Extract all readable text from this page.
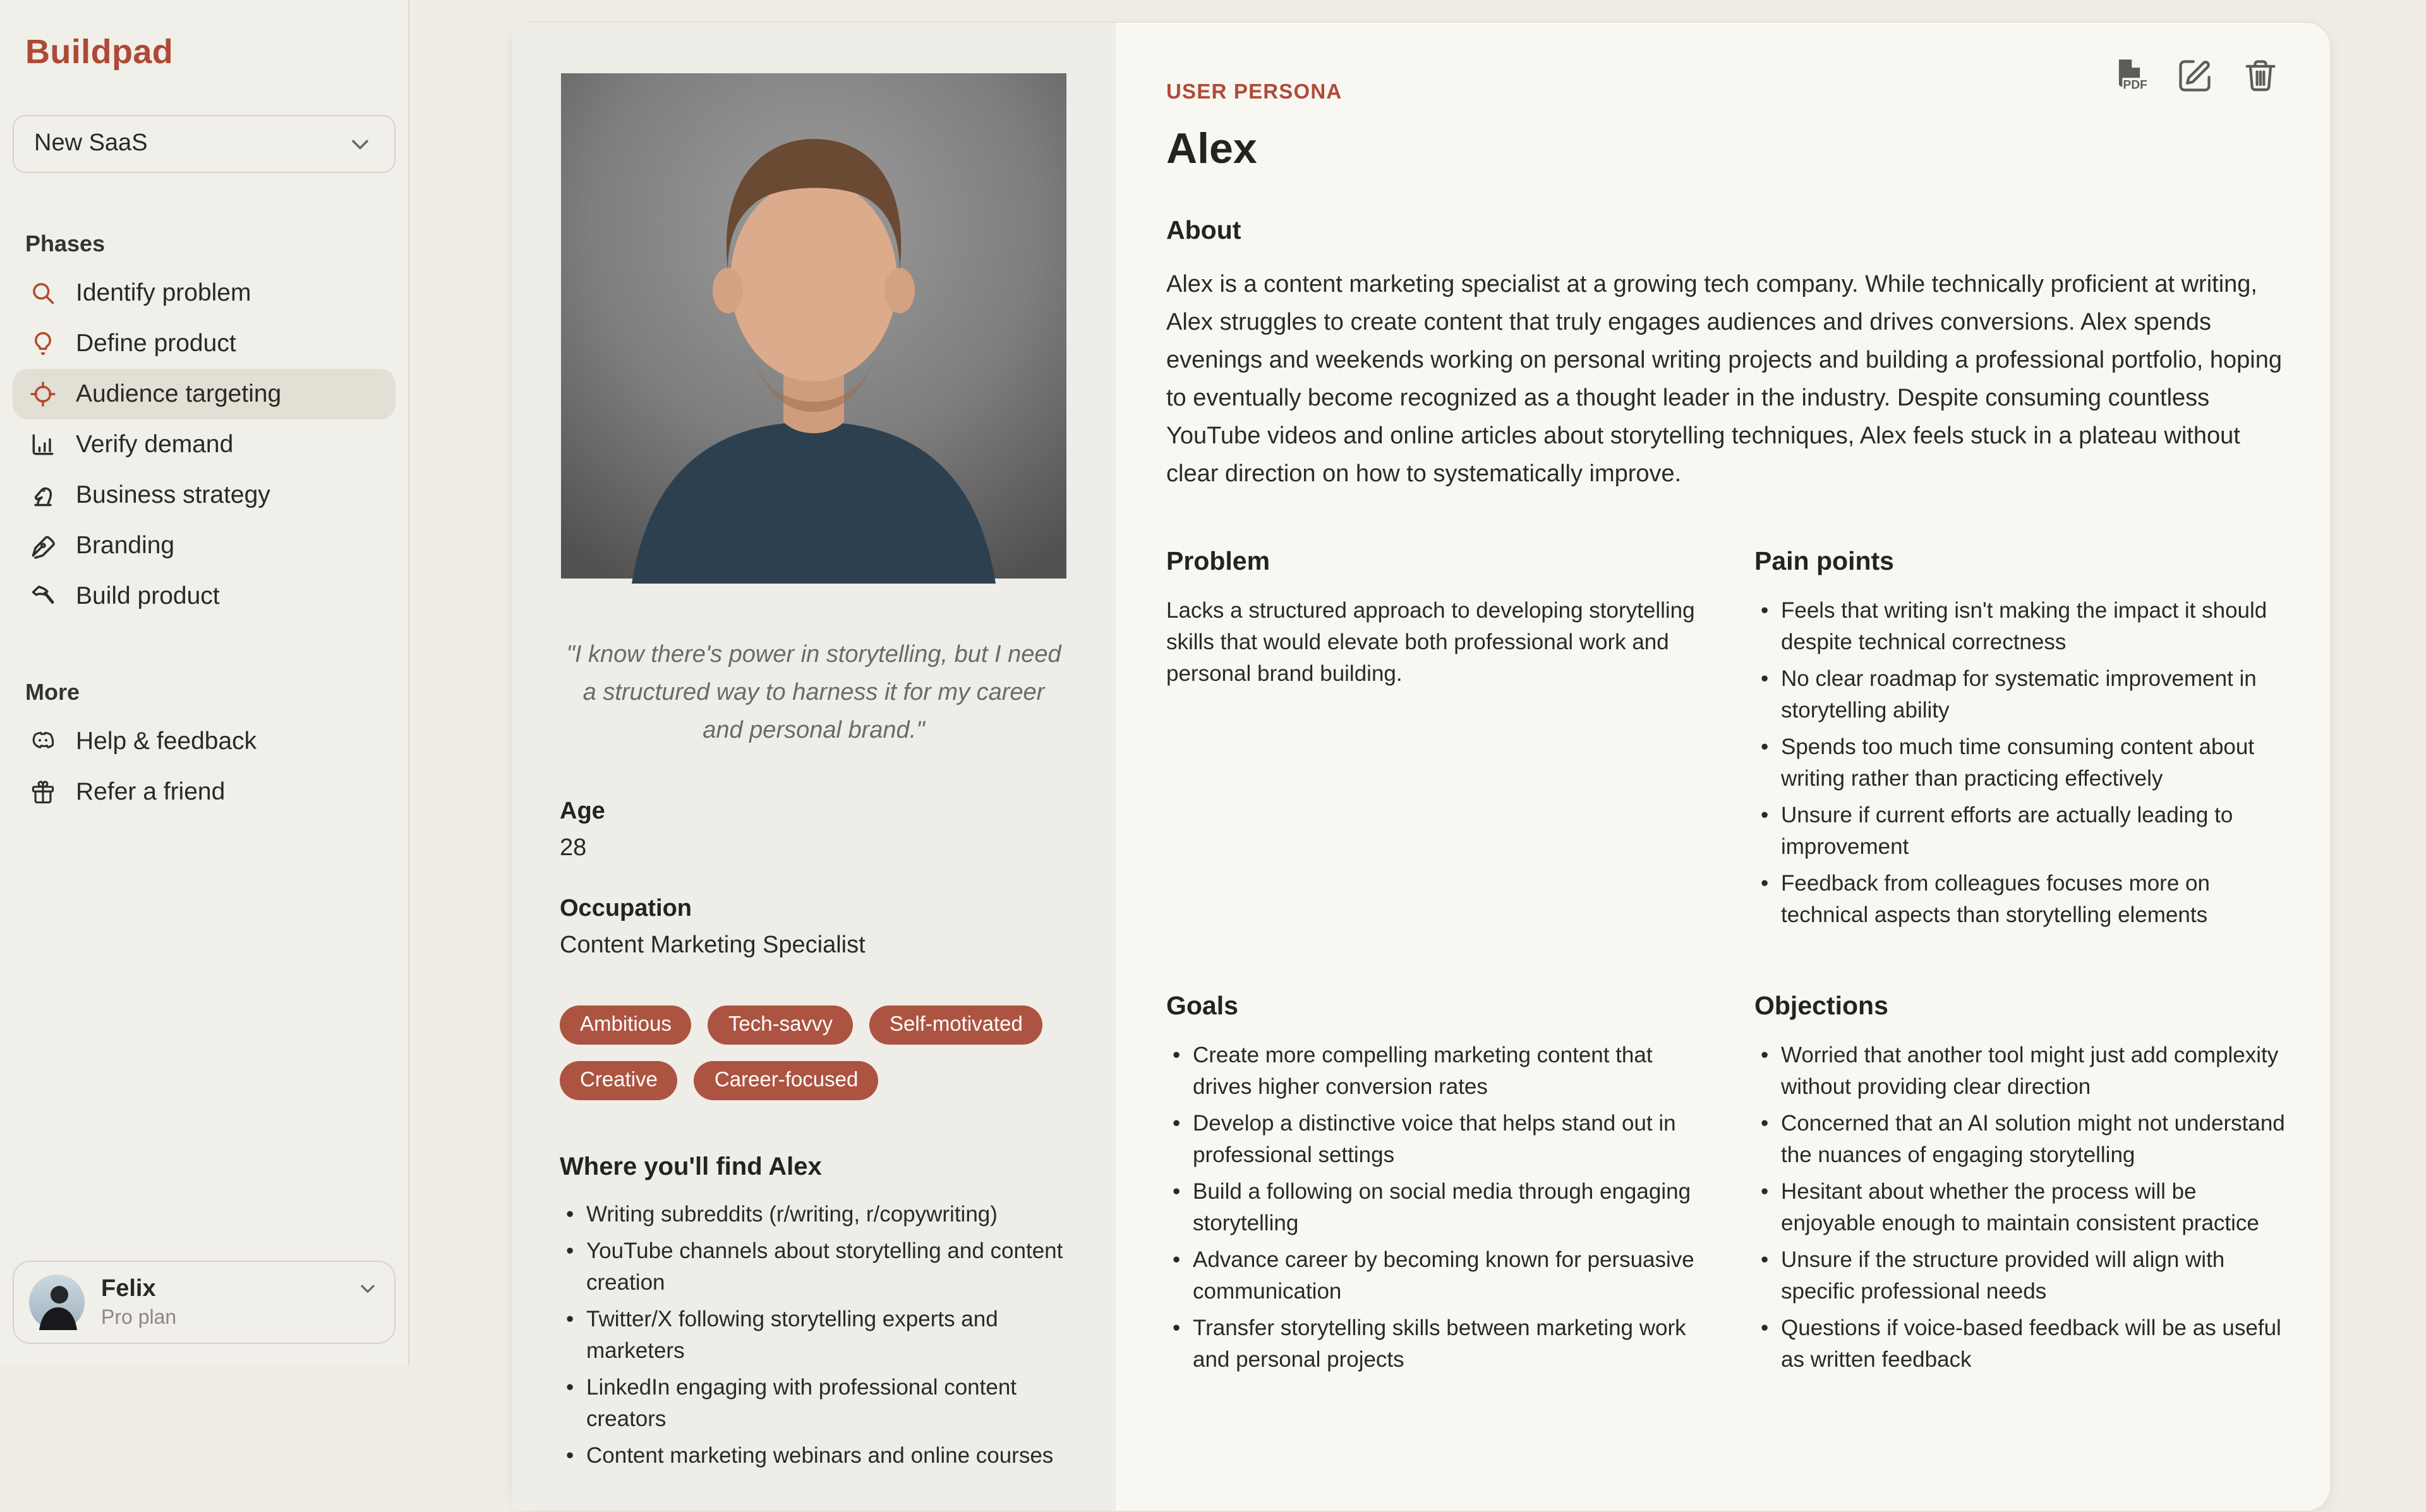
Buildpad
New SaaS
Phases
Identify problem
Define product
Audience targeting
Verify demand
Business strategy
Branding
Build product
More
Help & feedback
Refer a friend
Felix
Pro plan
"I know there's power in storytelling, but I need a structured way to harness it for my career and personal brand."
Age
28
Occupation
Content Marketing Specialist
Ambitious	Tech-savvy	Self-motivated
Creative	Career-focused
Where you'll find Alex
• Writing subreddits (r/writing, r/copywriting)
• YouTube channels about storytelling and content creation
• Twitter/X following storytelling experts and marketers
• LinkedIn engaging with professional content creators
• Content marketing webinars and online courses
PDF
USER PERSONA
Alex
About

Alex is a content marketing specialist at a growing tech company. While technically proficient at writing, Alex struggles to create content that truly engages audiences and drives conversions. Alex spends evenings and weekends working on personal writing projects and building a professional portfolio, hoping to eventually become recognized as a thought leader in the industry. Despite consuming countless YouTube videos and online articles about storytelling techniques, Alex feels stuck in a plateau without clear direction on how to systematically improve.

Problem

Lacks a structured approach to developing storytelling skills that would elevate both professional work and personal brand building.

Pain points
• Feels that writing isn't making the impact it should despite technical correctness
• No clear roadmap for systematic improvement in storytelling ability
• Spends too much time consuming content about writing rather than practicing effectively
• Unsure if current efforts are actually leading to improvement
• Feedback from colleagues focuses more on technical aspects than storytelling elements
Goals
• Create more compelling marketing content that drives higher conversion rates
• Develop a distinctive voice that helps stand out in professional settings
• Build a following on social media through engaging storytelling
• Advance career by becoming known for persuasive communication
• Transfer storytelling skills between marketing work and personal projects
Objections
• Worried that another tool might just add complexity without providing clear direction
• Concerned that an AI solution might not understand the nuances of engaging storytelling
• Hesitant about whether the process will be enjoyable enough to maintain consistent practice
• Unsure if the structure provided will align with specific professional needs
• Questions if voice-based feedback will be as useful as written feedback
